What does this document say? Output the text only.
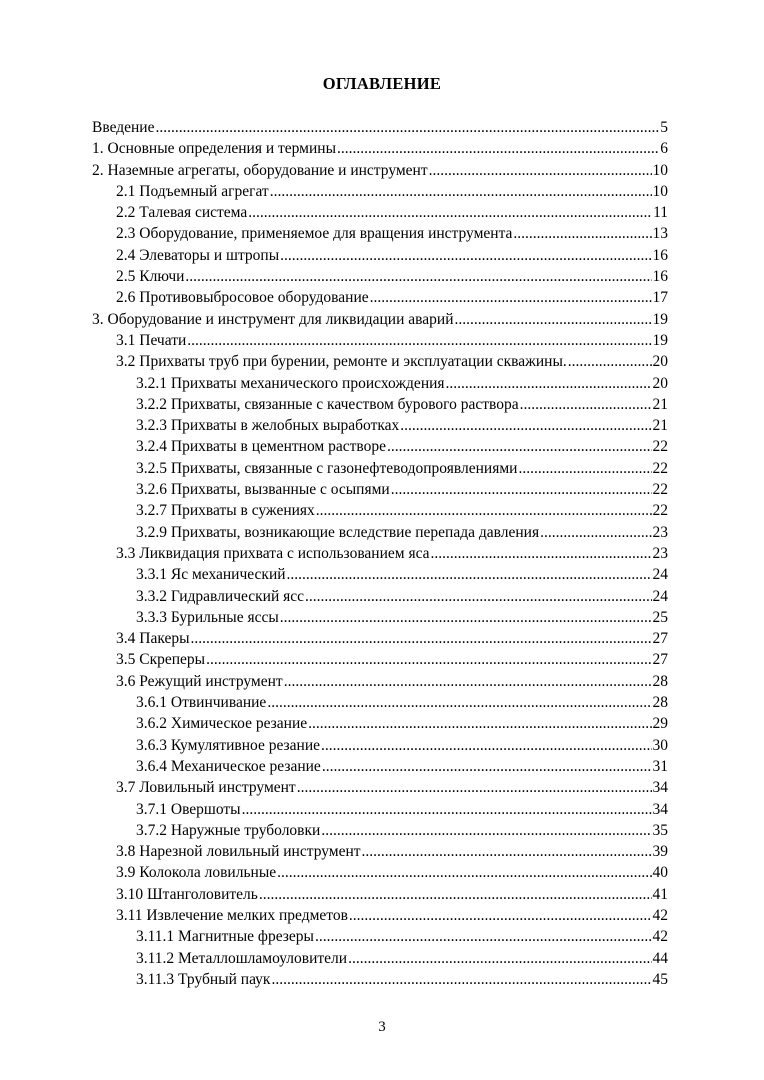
ОГЛАВЛЕНИЕ
Введение .....	5
1. Основные определения и термины .....	6
2. Наземные агрегаты, оборудование и инструмент .....	10
2.1 Подъемный агрегат .....	10
2.2 Талевая система .....	11
2.3 Оборудование, применяемое для вращения инструмента .....	13
2.4 Элеваторы и штропы .....	16
2.5 Ключи .....	16
2.6 Противовыбросовое оборудование .....	17
3. Оборудование и инструмент для ликвидации аварий .....	19
3.1 Печати .....	19
3.2 Прихваты труб при бурении, ремонте и эксплуатации скважины. .....	20
3.2.1 Прихваты механического происхождения .....	20
3.2.2 Прихваты, связанные с качеством бурового раствора .....	21
3.2.3 Прихваты в желобных выработках .....	21
3.2.4 Прихваты в цементном растворе .....	22
3.2.5 Прихваты, связанные с газонефтеводопроявлениями .....	22
3.2.6 Прихваты, вызванные с осыпями .....	22
3.2.7 Прихваты в сужениях .....	22
3.2.9 Прихваты, возникающие вследствие перепада давления .....	23
3.3 Ликвидация прихвата с использованием яса .....	23
3.3.1 Яс механический .....	24
3.3.2 Гидравлический ясс .....	24
3.3.3 Бурильные яссы .....	25
3.4 Пакеры .....	27
3.5 Скреперы .....	27
3.6 Режущий инструмент .....	28
3.6.1 Отвинчивание .....	28
3.6.2 Химическое резание .....	29
3.6.3 Кумулятивное резание .....	30
3.6.4 Механическое резание .....	31
3.7 Ловильный инструмент .....	34
3.7.1 Овершоты .....	34
3.7.2 Наружные труболовки .....	35
3.8 Нарезной ловильный инструмент .....	39
3.9 Колокола ловильные .....	40
3.10 Штанголовитель .....	41
3.11 Извлечение мелких предметов .....	42
3.11.1 Магнитные фрезеры .....	42
3.11.2 Металлошламоуловители .....	44
3.11.3 Трубный паук .....	45
3
